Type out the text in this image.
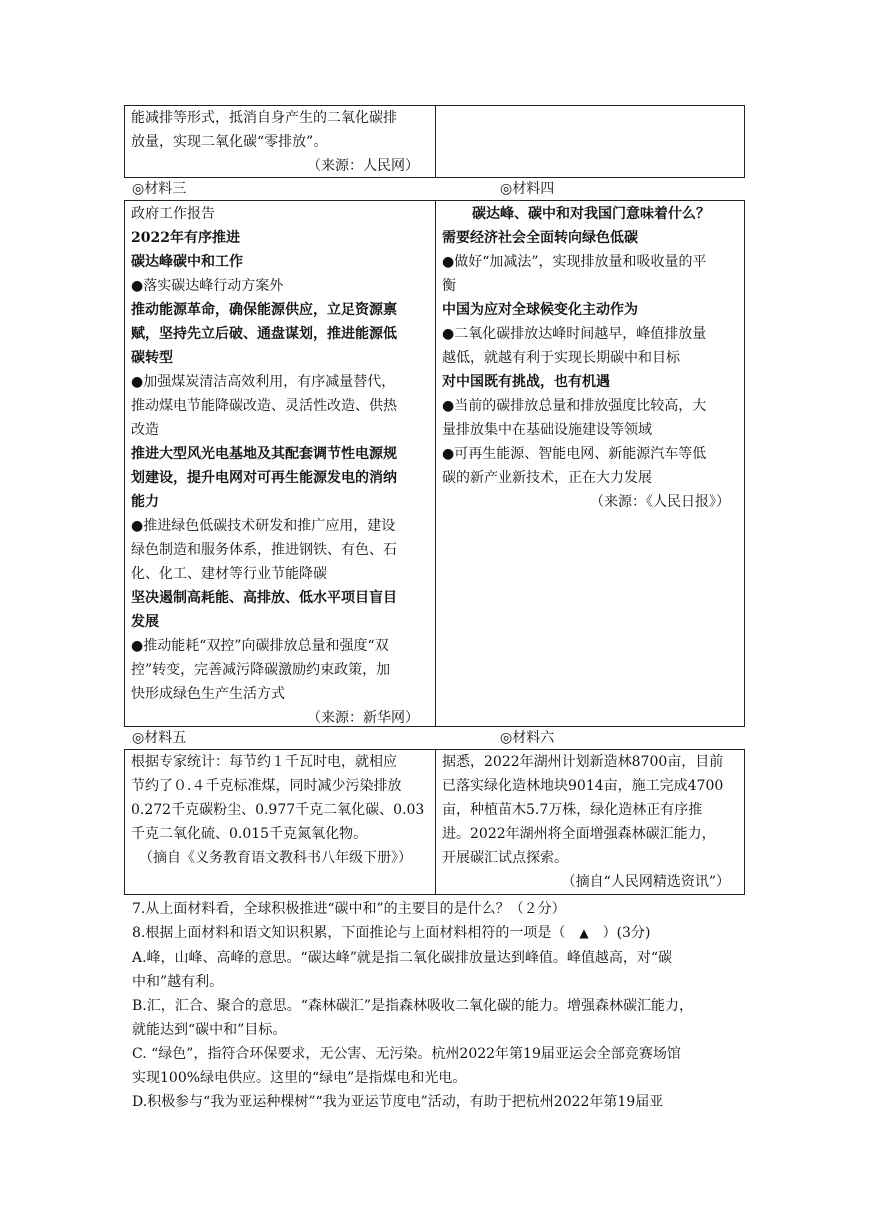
能减排等形式，抵消自身产生的二氧化碳排
放量，实现二氧化碳“零排放”。
（来源：人民网）
◎材料三	◎材料四
政府工作报告
2022年有序推进
碳达峰碳中和工作
●落实碳达峰行动方案外
推动能源革命，确保能源供应，立足资源禀
赋，坚持先立后破、通盘谋划，推进能源低
碳转型
●加强煤炭清洁高效利用，有序减量替代，
推动煤电节能降碳改造、灵活性改造、供热
改造
推进大型风光电基地及其配套调节性电源规
划建设，提升电网对可再生能源发电的消纳
能力
●推进绿色低碳技术研发和推广应用，建设
绿色制造和服务体系，推进钢铁、有色、石
化、化工、建材等行业节能降碳
坚决遏制高耗能、高排放、低水平项目盲目
发展
●推动能耗“双控”向碳排放总量和强度“双
控”转变，完善减污降碳激励约束政策，加
快形成绿色生产生活方式
（来源：新华网）
碳达峰、碳中和对我国门意味着什么？
需要经济社会全面转向绿色低碳
●做好“加减法”，实现排放量和吸收量的平
衡
中国为应对全球候变化主动作为
●二氧化碳排放达峰时间越早，峰值排放量
越低，就越有利于实现长期碳中和目标
对中国既有挑战，也有机遇
●当前的碳排放总量和排放强度比较高，大
量排放集中在基础设施建设等领域
●可再生能源、智能电网、新能源汽车等低
碳的新产业新技术，正在大力发展
（来源：《人民日报》）
◎材料五	◎材料六
根据专家统计：每节约１千瓦时电，就相应
节约了０.４千克标准煤，同时减少污染排放
0.272千克碳粉尘、0.977千克二氧化碳、0.03
千克二氧化硫、0.015千克氮氧化物。
（摘自《义务教育语文教科书八年级下册》）
据悉，2022年湖州计划新造林8700亩，目前
已落实绿化造林地块9014亩，施工完成4700
亩，种植苗木5.7万株，绿化造林正有序推
进。2022年湖州将全面增强森林碳汇能力，
开展碳汇试点探索。
（摘自“人民网精选资讯”）
7.从上面材料看，全球积极推进“碳中和”的主要目的是什么？（２分）
8.根据上面材料和语文知识积累，下面推论与上面材料相符的一项是（ ▲ ）(3分)
A.峰，山峰、高峰的意思。“碳达峰”就是指二氧化碳排放量达到峰值。峰值越高，对“碳
中和”越有利。
B.汇，汇合、聚合的意思。“森林碳汇”是指森林吸收二氧化碳的能力。增强森林碳汇能力，
就能达到“碳中和”目标。
C. “绿色”，指符合环保要求，无公害、无污染。杭州2022年第19届亚运会全部竞赛场馆
实现100%绿电供应。这里的“绿电”是指煤电和光电。
D.积极参与“我为亚运种棵树”“我为亚运节度电”活动，有助于把杭州2022年第19届亚
